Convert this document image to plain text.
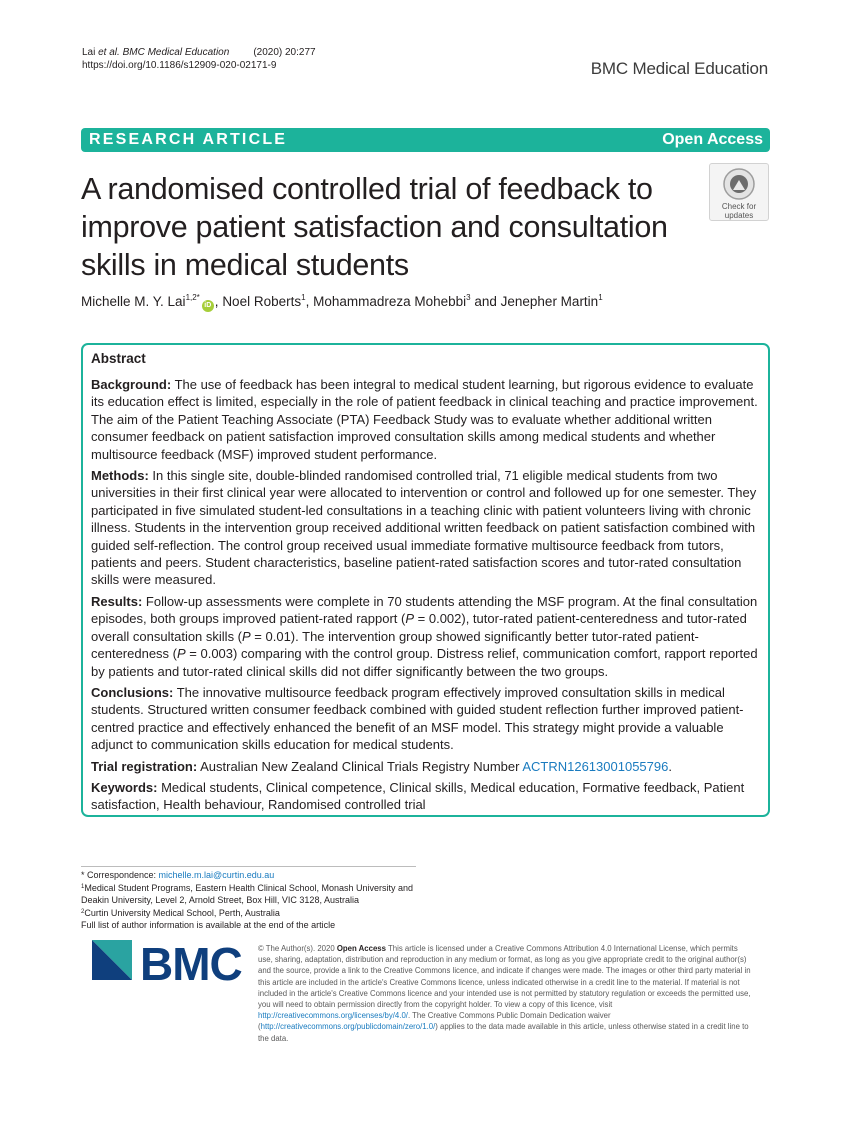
Lai et al. BMC Medical Education (2020) 20:277
https://doi.org/10.1186/s12909-020-02171-9	BMC Medical Education
RESEARCH ARTICLE	Open Access
A randomised controlled trial of feedback to improve patient satisfaction and consultation skills in medical students
Check for
updates
Michelle M. Y. Lai$^{1,2*}$iD , Noel Roberts$^1$, Mohammadreza Mohebbi$^3$ and Jenepher Martin$^1$
Abstract

Background: The use of feedback has been integral to medical student learning, but rigorous evidence to evaluate its education effect is limited, especially in the role of patient feedback in clinical teaching and practice improvement. The aim of the Patient Teaching Associate (PTA) Feedback Study was to evaluate whether additional written consumer feedback on patient satisfaction improved consultation skills among medical students and whether multisource feedback (MSF) improved student performance.

Methods: In this single site, double-blinded randomised controlled trial, 71 eligible medical students from two universities in their first clinical year were allocated to intervention or control and followed up for one semester. They participated in five simulated student-led consultations in a teaching clinic with patient volunteers living with chronic illness. Students in the intervention group received additional written feedback on patient satisfaction combined with guided self-reflection. The control group received usual immediate formative multisource feedback from tutors, patients and peers. Student characteristics, baseline patient-rated satisfaction scores and tutor-rated consultation skills were measured.

Results: Follow-up assessments were complete in 70 students attending the MSF program. At the final consultation episodes, both groups improved patient-rated rapport (P = 0.002), tutor-rated patient-centeredness and tutor-rated overall consultation skills (P = 0.01). The intervention group showed significantly better tutor-rated patient-centeredness (P = 0.003) comparing with the control group. Distress relief, communication comfort, rapport reported by patients and tutor-rated clinical skills did not differ significantly between the two groups.

Conclusions: The innovative multisource feedback program effectively improved consultation skills in medical students. Structured written consumer feedback combined with guided student reflection further improved patient-centred practice and effectively enhanced the benefit of an MSF model. This strategy might provide a valuable adjunct to communication skills education for medical students.

Trial registration: Australian New Zealand Clinical Trials Registry Number ACTRN12613001055796.

Keywords: Medical students, Clinical competence, Clinical skills, Medical education, Formative feedback, Patient satisfaction, Health behaviour, Randomised controlled trial

* Correspondence: michelle.m.lai@curtin.edu.au
$^1$Medical Student Programs, Eastern Health Clinical School, Monash University and Deakin University, Level 2, Arnold Street, Box Hill, VIC 3128, Australia
$^2$Curtin University Medical School, Perth, Australia
Full list of author information is available at the end of the article
BMC © The Author(s). 2020 Open Access This article is licensed under a Creative Commons Attribution 4.0 International License, which permits use, sharing, adaptation, distribution and reproduction in any medium or format, as long as you give appropriate credit to the original author(s) and the source, provide a link to the Creative Commons licence, and indicate if changes were made. The images or other third party material in this article are included in the article's Creative Commons licence, unless indicated otherwise in a credit line to the material. If material is not included in the article's Creative Commons licence and your intended use is not permitted by statutory regulation or exceeds the permitted use, you will need to obtain permission directly from the copyright holder. To view a copy of this licence, visit http://creativecommons.org/licenses/by/4.0/. The Creative Commons Public Domain Dedication waiver (http://creativecommons.org/publicdomain/zero/1.0/) applies to the data made available in this article, unless otherwise stated in a credit line to the data.
